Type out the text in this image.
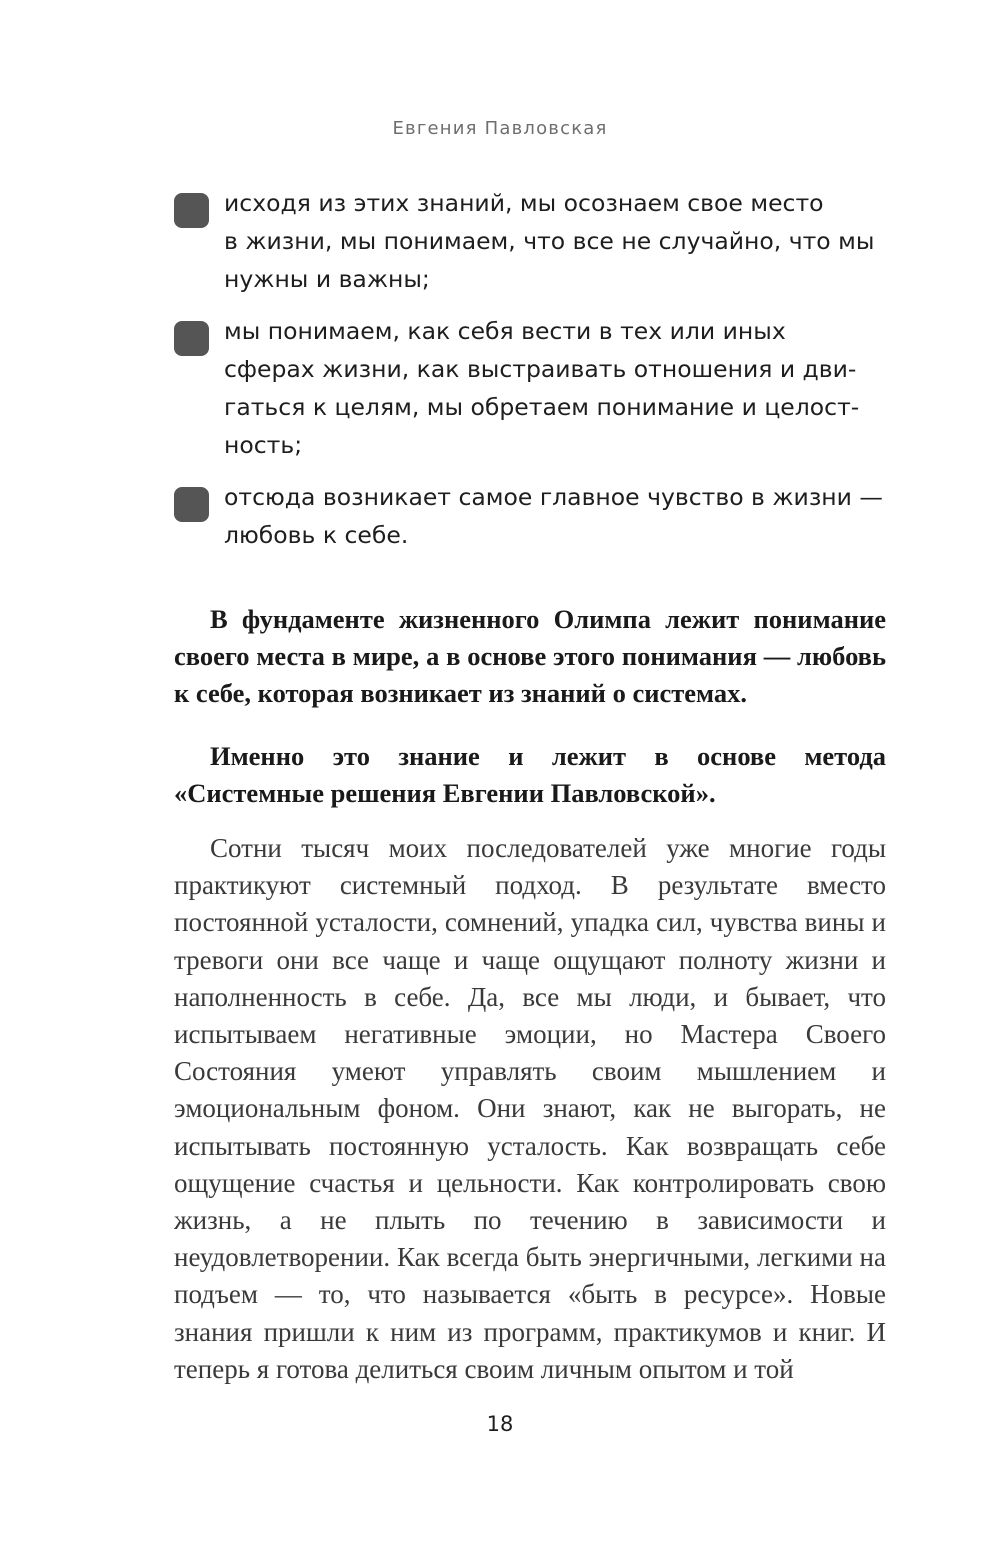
Евгения Павловская
исходя из этих знаний, мы осознаем свое место
в жизни, мы понимаем, что все не случайно, что мы
нужны и важны;
мы понимаем, как себя вести в тех или иных
сферах жизни, как выстраивать отношения и дви-
гаться к целям, мы обретаем понимание и целост-
ность;
отсюда возникает самое главное чувство в жизни —
любовь к себе.

В фундаменте жизненного Олимпа лежит понимание своего места в мире, а в основе этого понимания — любовь к себе, которая возникает из знаний о системах.

Именно это знание и лежит в основе метода «Системные решения Евгении Павловской».

Сотни тысяч моих последователей уже многие годы практикуют системный подход. В результате вместо постоянной усталости, сомнений, упадка сил, чувства вины и тревоги они все чаще и чаще ощущают полноту жизни и наполненность в себе. Да, все мы люди, и бывает, что испытываем негативные эмоции, но Мастера Своего Состояния умеют управлять своим мышлением и эмоциональным фоном. Они знают, как не выгорать, не испытывать постоянную усталость. Как возвращать себе ощущение счастья и цельности. Как контролировать свою жизнь, а не плыть по течению в зависимости и неудовлетворении. Как всегда быть энергичными, легкими на подъем — то, что называется «быть в ресурсе». Новые знания пришли к ним из программ, практикумов и книг. И теперь я готова делиться своим личным опытом и той

18
